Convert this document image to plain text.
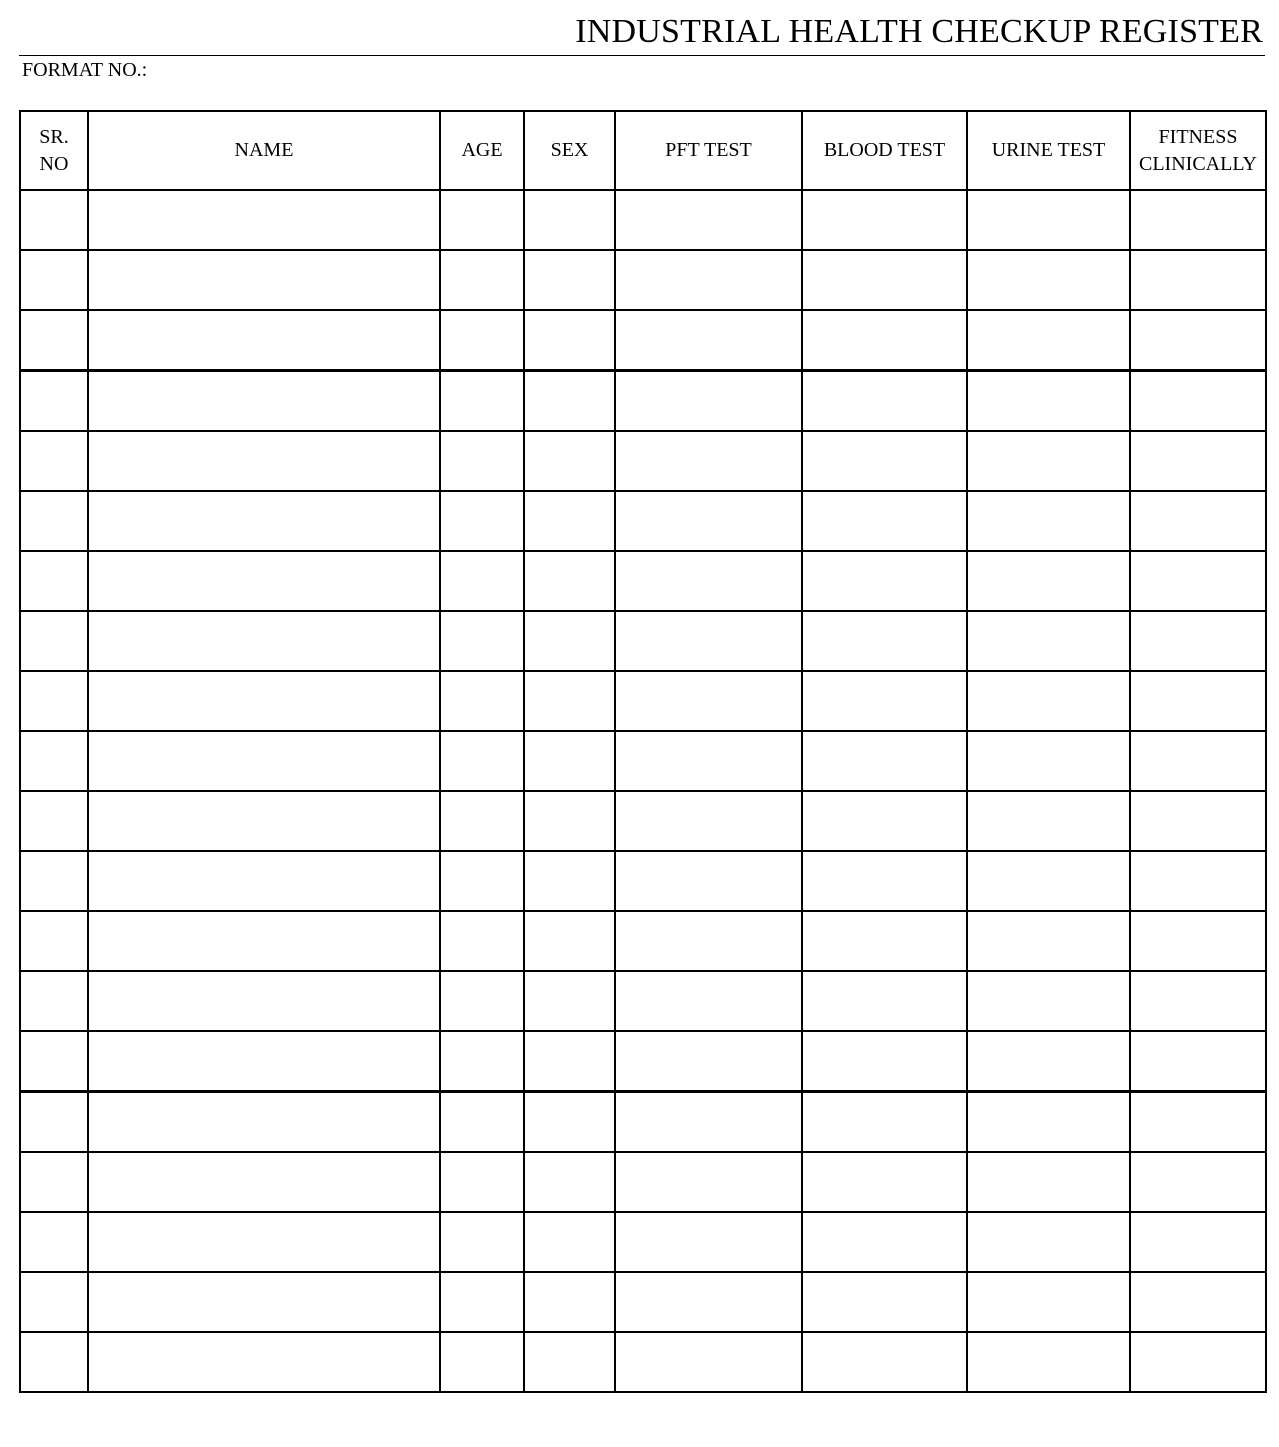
INDUSTRIAL HEALTH CHECKUP REGISTER
FORMAT NO.:
SR.
NO	NAME	AGE	SEX	PFT TEST	BLOOD TEST	URINE TEST	FITNESS
CLINICALLY
